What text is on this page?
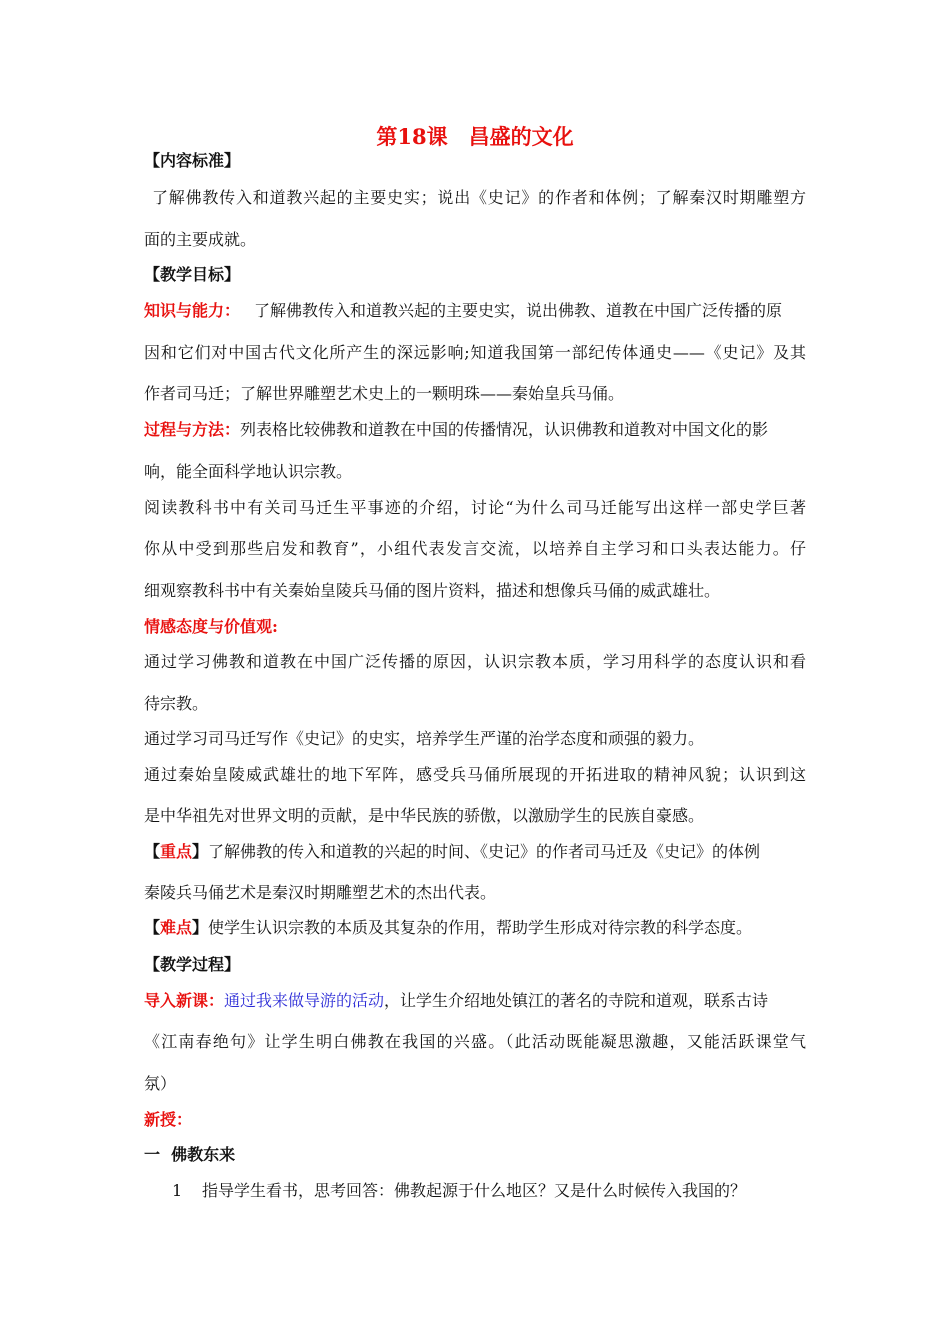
第18课　昌盛的文化
【内容标准】
了解佛教传入和道教兴起的主要史实；说出《史记》的作者和体例；了解秦汉时期雕塑方
面的主要成就。
【教学目标】
知识与能力： 了解佛教传入和道教兴起的主要史实，说出佛教、道教在中国广泛传播的原
因和它们对中国古代文化所产生的深远影响;知道我国第一部纪传体通史——《史记》及其
作者司马迁；了解世界雕塑艺术史上的一颗明珠——秦始皇兵马俑。
过程与方法：列表格比较佛教和道教在中国的传播情况，认识佛教和道教对中国文化的影
响，能全面科学地认识宗教。
阅读教科书中有关司马迁生平事迹的介绍，讨论“为什么司马迁能写出这样一部史学巨著
你从中受到那些启发和教育”，小组代表发言交流，以培养自主学习和口头表达能力。仔
细观察教科书中有关秦始皇陵兵马俑的图片资料，描述和想像兵马俑的威武雄壮。
情感态度与价值观:
通过学习佛教和道教在中国广泛传播的原因，认识宗教本质，学习用科学的态度认识和看
待宗教。
通过学习司马迁写作《史记》的史实，培养学生严谨的治学态度和顽强的毅力。
通过秦始皇陵威武雄壮的地下军阵，感受兵马俑所展现的开拓进取的精神风貌；认识到这
是中华祖先对世界文明的贡献，是中华民族的骄傲，以激励学生的民族自豪感。
【重点】了解佛教的传入和道教的兴起的时间、《史记》的作者司马迁及《史记》的体例
秦陵兵马俑艺术是秦汉时期雕塑艺术的杰出代表。
【难点】使学生认识宗教的本质及其复杂的作用，帮助学生形成对待宗教的科学态度。
【教学过程】
导入新课：通过我来做导游的活动，让学生介绍地处镇江的著名的寺院和道观，联系古诗
《江南春绝句》让学生明白佛教在我国的兴盛。（此活动既能凝思激趣，又能活跃课堂气
氛）
新授：
一  佛教东来
1 指导学生看书，思考回答：佛教起源于什么地区？又是什么时候传入我国的？
